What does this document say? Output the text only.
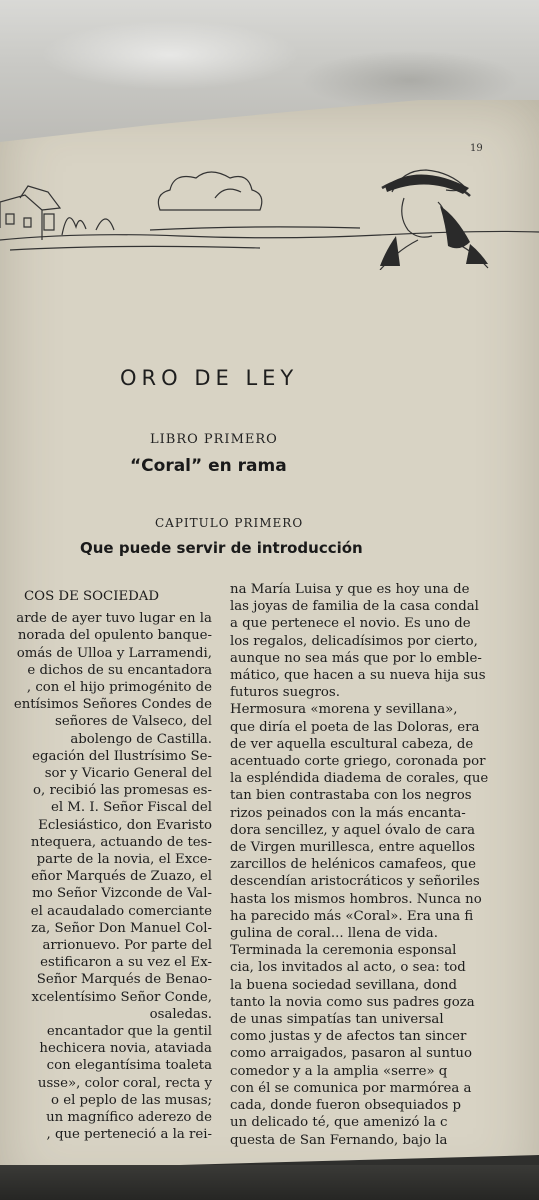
19
ORO DE LEY
LIBRO PRIMERO
“Coral” en rama
CAPITULO PRIMERO
Que puede servir de introducción
COS DE SOCIEDAD
arde de ayer tuvo lugar en la
norada del opulento banque-
omás de Ulloa y Larramendi,
e dichos de su encantadora
, con el hijo primogénito de
entísimos Señores Condes de
señores de Valseco, del
abolengo de Castilla.
egación del Ilustrísimo Se-
sor y Vicario General del
o, recibió las promesas es-
el M. I. Señor Fiscal del
Eclesiástico, don Evaristo
ntequera, actuando de tes-
parte de la novia, el Exce-
eñor Marqués de Zuazo, el
mo Señor Vizconde de Val-
el acaudalado comerciante
za, Señor Don Manuel Col-
arrionuevo. Por parte del
estificaron a su vez el Ex-
Señor Marqués de Benao-
xcelentísimo Señor Conde,
osaledas.
encantador que la gentil
hechicera novia, ataviada
con elegantísima toaleta
usse», color coral, recta y
o el peplo de las musas;
un magnífico aderezo de
, que perteneció a la rei-
na María Luisa y que es hoy una de
las joyas de familia de la casa condal
a que pertenece el novio. Es uno de
los regalos, delicadísimos por cierto,
aunque no sea más que por lo emble-
mático, que hacen a su nueva hija sus
futuros suegros.
Hermosura «morena y sevillana»,
que diría el poeta de las Doloras, era
de ver aquella escultural cabeza, de
acentuado corte griego, coronada por
la espléndida diadema de corales, que
tan bien contrastaba con los negros
rizos peinados con la más encanta-
dora sencillez, y aquel óvalo de cara
de Virgen murillesca, entre aquellos
zarcillos de helénicos camafeos, que
descendían aristocráticos y señoriles
hasta los mismos hombros. Nunca no
ha parecido más «Coral». Era una fi
gulina de coral... llena de vida.
Terminada la ceremonia esponsal
cia, los invitados al acto, o sea: tod
la buena sociedad sevillana, dond
tanto la novia como sus padres goza
de unas simpatías tan universal
como justas y de afectos tan sincer
como arraigados, pasaron al suntuo
comedor y a la amplia «serre» q
con él se comunica por marmórea a
cada, donde fueron obsequiados p
un delicado té, que amenizó la c
questa de San Fernando, bajo la
